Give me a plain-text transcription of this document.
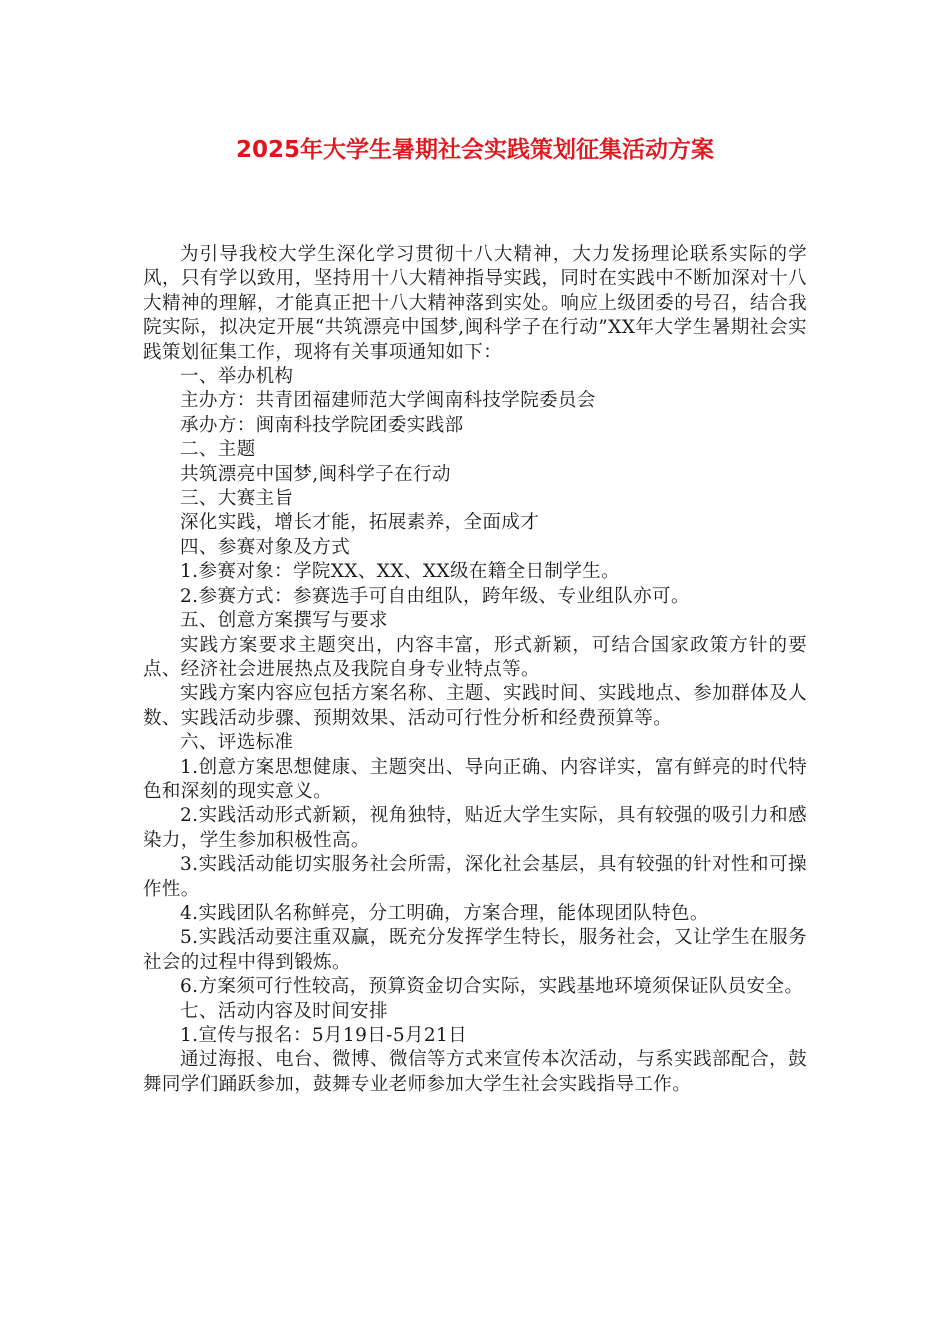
2025年大学生暑期社会实践策划征集活动方案

为引导我校大学生深化学习贯彻十八大精神，大力发扬理论联系实际的学风，只有学以致用，坚持用十八大精神指导实践，同时在实践中不断加深对十八大精神的理解，才能真正把十八大精神落到实处。响应上级团委的号召，结合我院实际，拟决定开展“共筑漂亮中国梦,闽科学子在行动”XX年大学生暑期社会实践策划征集工作，现将有关事项通知如下：

一、举办机构

主办方：共青团福建师范大学闽南科技学院委员会

承办方：闽南科技学院团委实践部

二、主题

共筑漂亮中国梦,闽科学子在行动

三、大赛主旨

深化实践，增长才能，拓展素养，全面成才

四、参赛对象及方式

1.参赛对象：学院XX、XX、XX级在籍全日制学生。

2.参赛方式：参赛选手可自由组队，跨年级、专业组队亦可。

五、创意方案撰写与要求

实践方案要求主题突出，内容丰富，形式新颖，可结合国家政策方针的要点、经济社会进展热点及我院自身专业特点等。

实践方案内容应包括方案名称、主题、实践时间、实践地点、参加群体及人数、实践活动步骤、预期效果、活动可行性分析和经费预算等。

六、评选标准

1.创意方案思想健康、主题突出、导向正确、内容详实，富有鲜亮的时代特色和深刻的现实意义。

2.实践活动形式新颖，视角独特，贴近大学生实际，具有较强的吸引力和感染力，学生参加积极性高。

3.实践活动能切实服务社会所需，深化社会基层，具有较强的针对性和可操作性。

4.实践团队名称鲜亮，分工明确，方案合理，能体现团队特色。

5.实践活动要注重双赢，既充分发挥学生特长，服务社会，又让学生在服务社会的过程中得到锻炼。

6.方案须可行性较高，预算资金切合实际，实践基地环境须保证队员安全。

七、活动内容及时间安排

1.宣传与报名：5月19日-5月21日

通过海报、电台、微博、微信等方式来宣传本次活动，与系实践部配合，鼓舞同学们踊跃参加，鼓舞专业老师参加大学生社会实践指导工作。
